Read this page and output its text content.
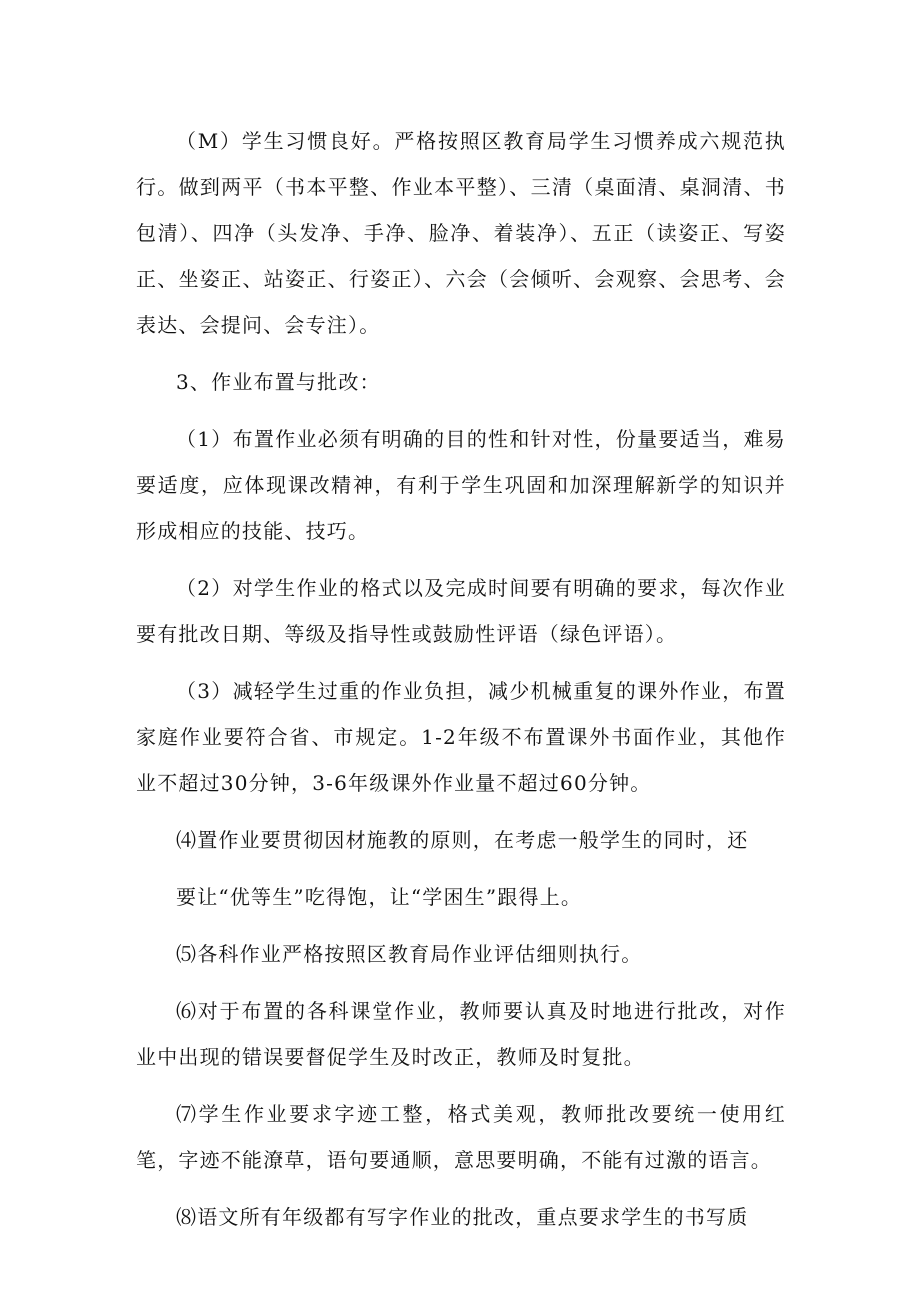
（M）学生习惯良好。严格按照区教育局学生习惯养成六规范执行。做到两平（书本平整、作业本平整）、三清（桌面清、桌洞清、书包清）、四净（头发净、手净、脸净、着装净）、五正（读姿正、写姿正、坐姿正、站姿正、行姿正）、六会（会倾听、会观察、会思考、会表达、会提问、会专注）。

3、作业布置与批改：

（1）布置作业必须有明确的目的性和针对性，份量要适当，难易要适度，应体现课改精神，有利于学生巩固和加深理解新学的知识并形成相应的技能、技巧。

（2）对学生作业的格式以及完成时间要有明确的要求，每次作业要有批改日期、等级及指导性或鼓励性评语（绿色评语）。

（3）减轻学生过重的作业负担，减少机械重复的课外作业，布置家庭作业要符合省、市规定。1-2年级不布置课外书面作业，其他作业不超过30分钟，3-6年级课外作业量不超过60分钟。

⑷置作业要贯彻因材施教的原则，在考虑一般学生的同时，还

要让“优等生”吃得饱，让“学困生”跟得上。

⑸各科作业严格按照区教育局作业评估细则执行。

⑹对于布置的各科课堂作业，教师要认真及时地进行批改，对作业中出现的错误要督促学生及时改正，教师及时复批。

⑺学生作业要求字迹工整，格式美观，教师批改要统一使用红笔，字迹不能潦草，语句要通顺，意思要明确，不能有过激的语言。

⑻语文所有年级都有写字作业的批改，重点要求学生的书写质
